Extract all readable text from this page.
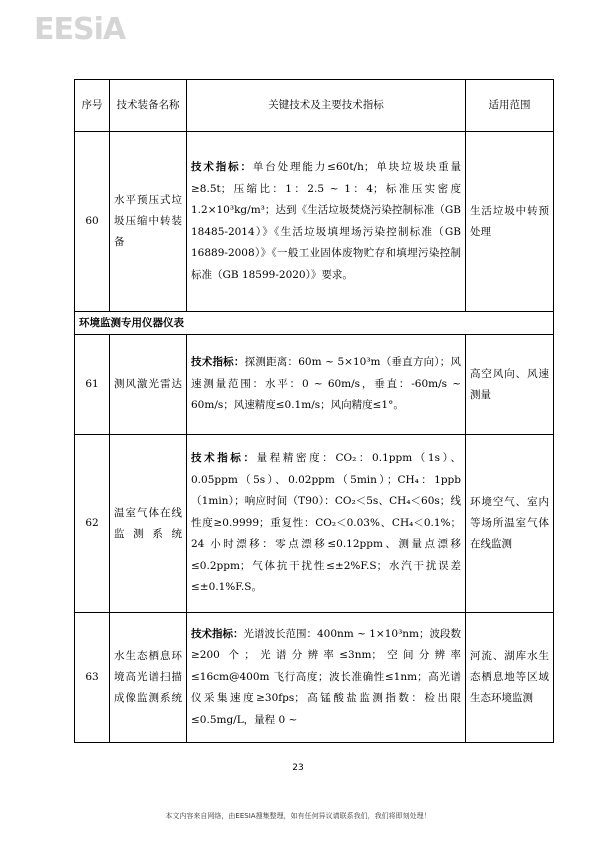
EESiA
序号	技术装备名称	关键技术及主要技术指标	适用范围
60	水平预压式垃圾压缩中转装备	技术指标：单台处理能力≤60t/h；单块垃圾块重量≥8.5t；压缩比：1：2.5 ~ 1：4；标准压实密度 1.2×10³kg/m³；达到《生活垃圾焚烧污染控制标准（GB 18485-2014）》《生活垃圾填埋场污染控制标准（GB 16889-2008）》《一般工业固体废物贮存和填埋污染控制标准（GB 18599-2020）》要求。	生活垃圾中转预处理
环境监测专用仪器仪表			
61	测风激光雷达	技术指标：探测距离：60m ~ 5×10³m（垂直方向）；风速测量范围：水平：0 ~ 60m/s，垂直：-60m/s ~ 60m/s；风速精度≤0.1m/s；风向精度≤1°。	高空风向、风速测量
62	温室气体在线监测系统	技术指标：量程精密度：CO₂：0.1ppm（1s）、0.05ppm（5s）、0.02ppm（5min）；CH₄：1ppb（1min）；响应时间（T90）：CO₂＜5s、CH₄＜60s；线性度≥0.9999；重复性：CO₂＜0.03%、CH₄＜0.1%；24 小时漂移：零点漂移≤0.12ppm、测量点漂移≤0.2ppm；气体抗干扰性≤±2%F.S；水汽干扰误差≤±0.1%F.S。	环境空气、室内等场所温室气体在线监测
63	水生态栖息环境高光谱扫描成像监测系统	技术指标：光谱波长范围：400nm ~ 1×10³nm；波段数≥200 个；光谱分辨率≤3nm；空间分辨率≤16cm@400m 飞行高度；波长准确性≤1nm；高光谱仪采集速度≥30fps；高锰酸盐监测指数：检出限≤0.5mg/L，量程 0 ~	河流、湖库水生态栖息地等区域生态环境监测
23
本文内容来自网络，由EESIA搜集整理，如有任何异议请联系我们，我们将即刻处理！
